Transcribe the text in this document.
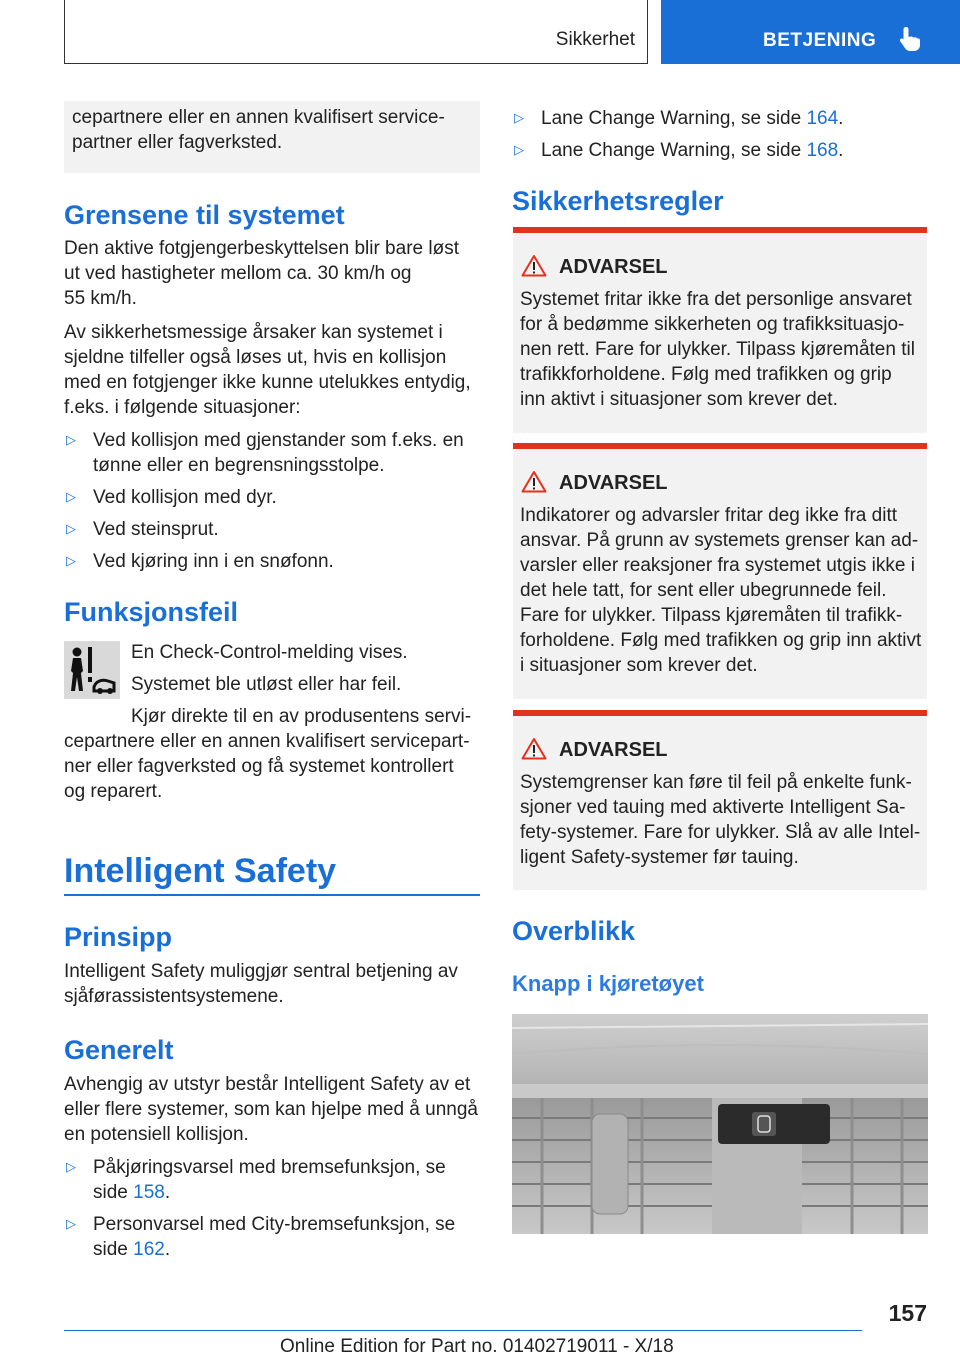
Sikkerhet	BETJENING
cepartnere eller en annen kvalifisert service-
partner eller fagverksted.
Grensene til systemet
Den aktive fotgjengerbeskyttelsen blir bare løst
ut ved hastigheter mellom ca. 30 km/h og
55 km/h.
Av sikkerhetsmessige årsaker kan systemet i
sjeldne tilfeller også løses ut, hvis en kollisjon
med en fotgjenger ikke kunne utelukkes entydig,
f.eks. i følgende situasjoner:
▷ Ved kollisjon med gjenstander som f.eks. en
tønne eller en begrensningsstolpe.
▷ Ved kollisjon med dyr.
▷ Ved steinsprut.
▷ Ved kjøring inn i en snøfonn.
Funksjonsfeil
En Check-Control-melding vises.
Systemet ble utløst eller har feil.
Kjør direkte til en av produsentens servi-
cepartnere eller en annen kvalifisert servicepart-
ner eller fagverksted og få systemet kontrollert
og reparert.
Intelligent Safety
Prinsipp
Intelligent Safety muliggjør sentral betjening av
sjåførassistentsystemene.
Generelt
Avhengig av utstyr består Intelligent Safety av et
eller flere systemer, som kan hjelpe med å unngå
en potensiell kollisjon.
▷ Påkjøringsvarsel med bremsefunksjon, se
side 158.
▷ Personvarsel med City-bremsefunksjon, se
side 162.
▷ Lane Change Warning, se side 164.
▷ Lane Change Warning, se side 168.
Sikkerhetsregler
ADVARSEL
Systemet fritar ikke fra det personlige ansvaret
for å bedømme sikkerheten og trafikksituasjo-
nen rett. Fare for ulykker. Tilpass kjøremåten til
trafikkforholdene. Følg med trafikken og grip
inn aktivt i situasjoner som krever det.
ADVARSEL
Indikatorer og advarsler fritar deg ikke fra ditt
ansvar. På grunn av systemets grenser kan ad-
varsler eller reaksjoner fra systemet utgis ikke i
det hele tatt, for sent eller ubegrunnede feil.
Fare for ulykker. Tilpass kjøremåten til trafikk-
forholdene. Følg med trafikken og grip inn aktivt
i situasjoner som krever det.
ADVARSEL
Systemgrenser kan føre til feil på enkelte funk-
sjoner ved tauing med aktiverte Intelligent Sa-
fety-systemer. Fare for ulykker. Slå av alle Intel-
ligent Safety-systemer før tauing.
Overblikk
Knapp i kjøretøyet
157
Online Edition for Part no. 01402719011 - X/18
